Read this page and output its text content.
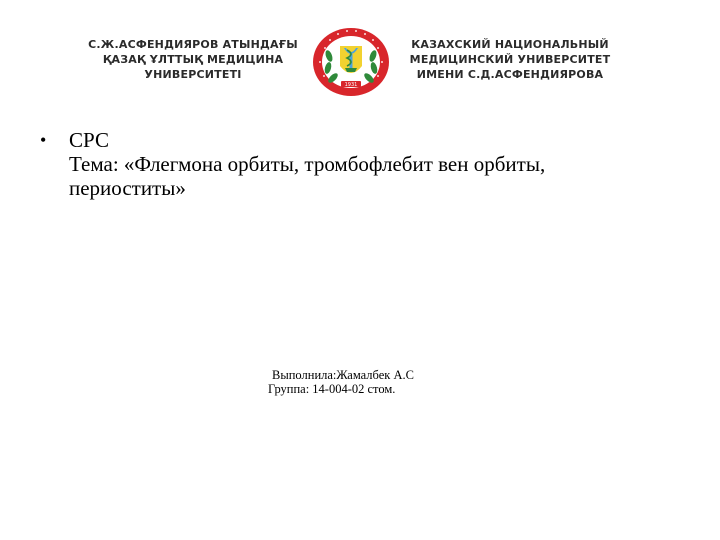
С.Ж.АСФЕНДИЯРОВ АТЫНДАҒЫ
ҚАЗАҚ ҰЛТТЫҚ МЕДИЦИНА
УНИВЕРСИТЕТІ
1931
КАЗАХСКИЙ НАЦИОНАЛЬНЫЙ
МЕДИЦИНСКИЙ УНИВЕРСИТЕТ
ИМЕНИ С.Д.АСФЕНДИЯРОВА
• СРС
Тема: «Флегмона орбиты, тромбофлебит вен орбиты,
периоститы»
Выполнила:Жамалбек А.С
Группа: 14-004-02 стом.
